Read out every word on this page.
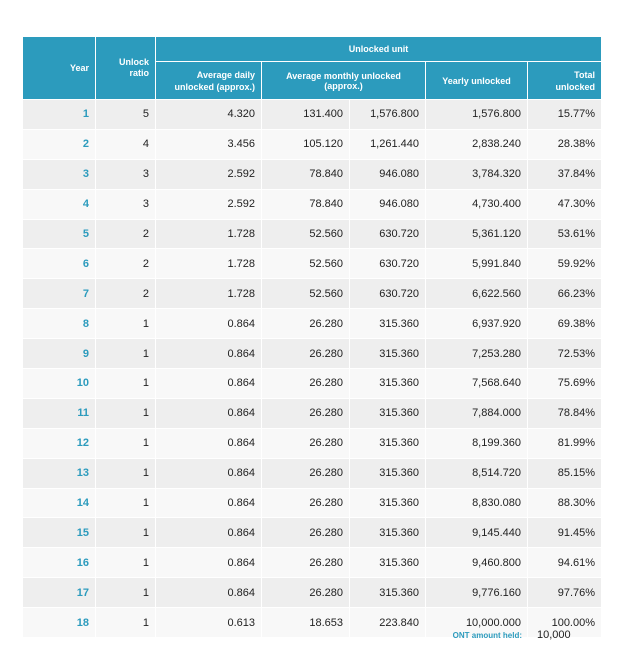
Year	Unlock ratio	Unlocked unit				
		Average daily unlocked (approx.)	Average monthly unlocked (approx.)		Yearly unlocked	Total unlocked
1	5	4.320	131.400	1,576.800	1,576.800	15.77%
2	4	3.456	105.120	1,261.440	2,838.240	28.38%
3	3	2.592	78.840	946.080	3,784.320	37.84%
4	3	2.592	78.840	946.080	4,730.400	47.30%
5	2	1.728	52.560	630.720	5,361.120	53.61%
6	2	1.728	52.560	630.720	5,991.840	59.92%
7	2	1.728	52.560	630.720	6,622.560	66.23%
8	1	0.864	26.280	315.360	6,937.920	69.38%
9	1	0.864	26.280	315.360	7,253.280	72.53%
10	1	0.864	26.280	315.360	7,568.640	75.69%
11	1	0.864	26.280	315.360	7,884.000	78.84%
12	1	0.864	26.280	315.360	8,199.360	81.99%
13	1	0.864	26.280	315.360	8,514.720	85.15%
14	1	0.864	26.280	315.360	8,830.080	88.30%
15	1	0.864	26.280	315.360	9,145.440	91.45%
16	1	0.864	26.280	315.360	9,460.800	94.61%
17	1	0.864	26.280	315.360	9,776.160	97.76%
18	1	0.613	18.653	223.840	10,000.000	100.00%
ONT amount held: 10,000
